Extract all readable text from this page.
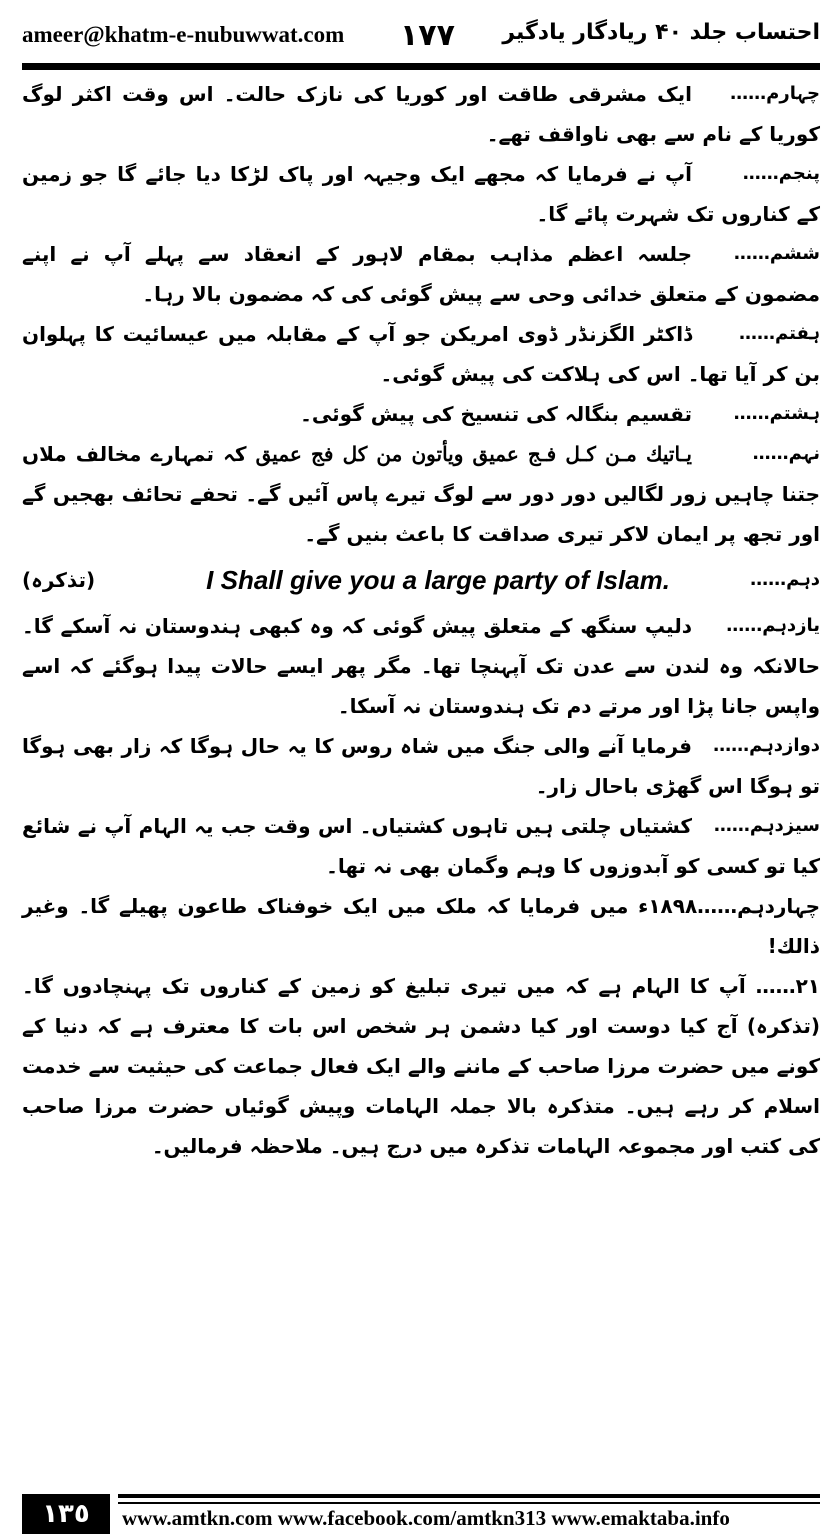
ameer@khatm-e-nubuwwat.com ١٧٧ احتساب جلد ۴۰ ریادگار یادگیر
چہارم……
ایک مشرقی طاقت اور کوریا کی نازک حالت۔ اس وقت اکثر لوگ کوریا کے نام سے بھی ناواقف تھے۔
پنجم……
آپ نے فرمایا کہ مجھے ایک وجیہہ اور پاک لڑکا دیا جائے گا جو زمین کے کناروں تک شہرت پائے گا۔
ششم……
جلسہ اعظم مذاہب بمقام لاہور کے انعقاد سے پہلے آپ نے اپنے مضمون کے متعلق خدائی وحی سے پیش گوئی کی کہ مضمون بالا رہا۔
ہفتم……
ڈاکٹر الگزنڈر ڈوی امریکن جو آپ کے مقابلہ میں عیسائیت کا پہلوان بن کر آیا تھا۔ اس کی ہلاکت کی پیش گوئی۔
ہشتم……
تقسیم بنگالہ کی تنسیخ کی پیش گوئی۔
نہم……
یـاتیك مـن كـل فـج عمیق ویأتون من كل فج عمیق کہ تمہارے مخالف ملاں جتنا چاہیں زور لگالیں دور دور سے لوگ تیرے پاس آئیں گے۔ تحفے تحائف بھجیں گے اور تجھ پر ایمان لاکر تیری صداقت کا باعث بنیں گے۔
دہم……
I Shall give you a large party of Islam.
(تذکرہ)
یازدہم……
دلیپ سنگھ کے متعلق پیش گوئی کہ وہ کبھی ہندوستان نہ آسکے گا۔ حالانکہ وہ لندن سے عدن تک آپہنچا تھا۔ مگر پھر ایسے حالات پیدا ہوگئے کہ اسے واپس جانا پڑا اور مرتے دم تک ہندوستان نہ آسکا۔
دوازدہم……
فرمایا آنے والی جنگ میں شاہ روس کا یہ حال ہوگا کہ زار بھی ہوگا تو ہوگا اس گھڑی باحال زار۔
سیزدہم……
کشتیاں چلتی ہیں تاہوں کشتیاں۔ اس وقت جب یہ الہام آپ نے شائع کیا تو کسی کو آبدوزوں کا وہم وگمان بھی نہ تھا۔
چہاردہم……١٨٩٨ء میں فرمایا کہ ملک میں ایک خوفناک طاعون پھیلے گا۔ وغیر ذالك!
٢١…… آپ کا الہام ہے کہ میں تیری تبلیغ کو زمین کے کناروں تک پہنچادوں گا۔ (تذکرہ) آج کیا دوست اور کیا دشمن ہر شخص اس بات کا معترف ہے کہ دنیا کے کونے میں حضرت مرزا صاحب کے ماننے والے ایک فعال جماعت کی حیثیت سے خدمت اسلام کر رہے ہیں۔ متذکرہ بالا جملہ الہامات وپیش گوئیاں حضرت مرزا صاحب کی کتب اور مجموعہ الہامات تذکرہ میں درج ہیں۔ ملاحظہ فرمالیں۔
١٣٥	www.amtkn.com www.facebook.com/amtkn313 www.emaktaba.info
